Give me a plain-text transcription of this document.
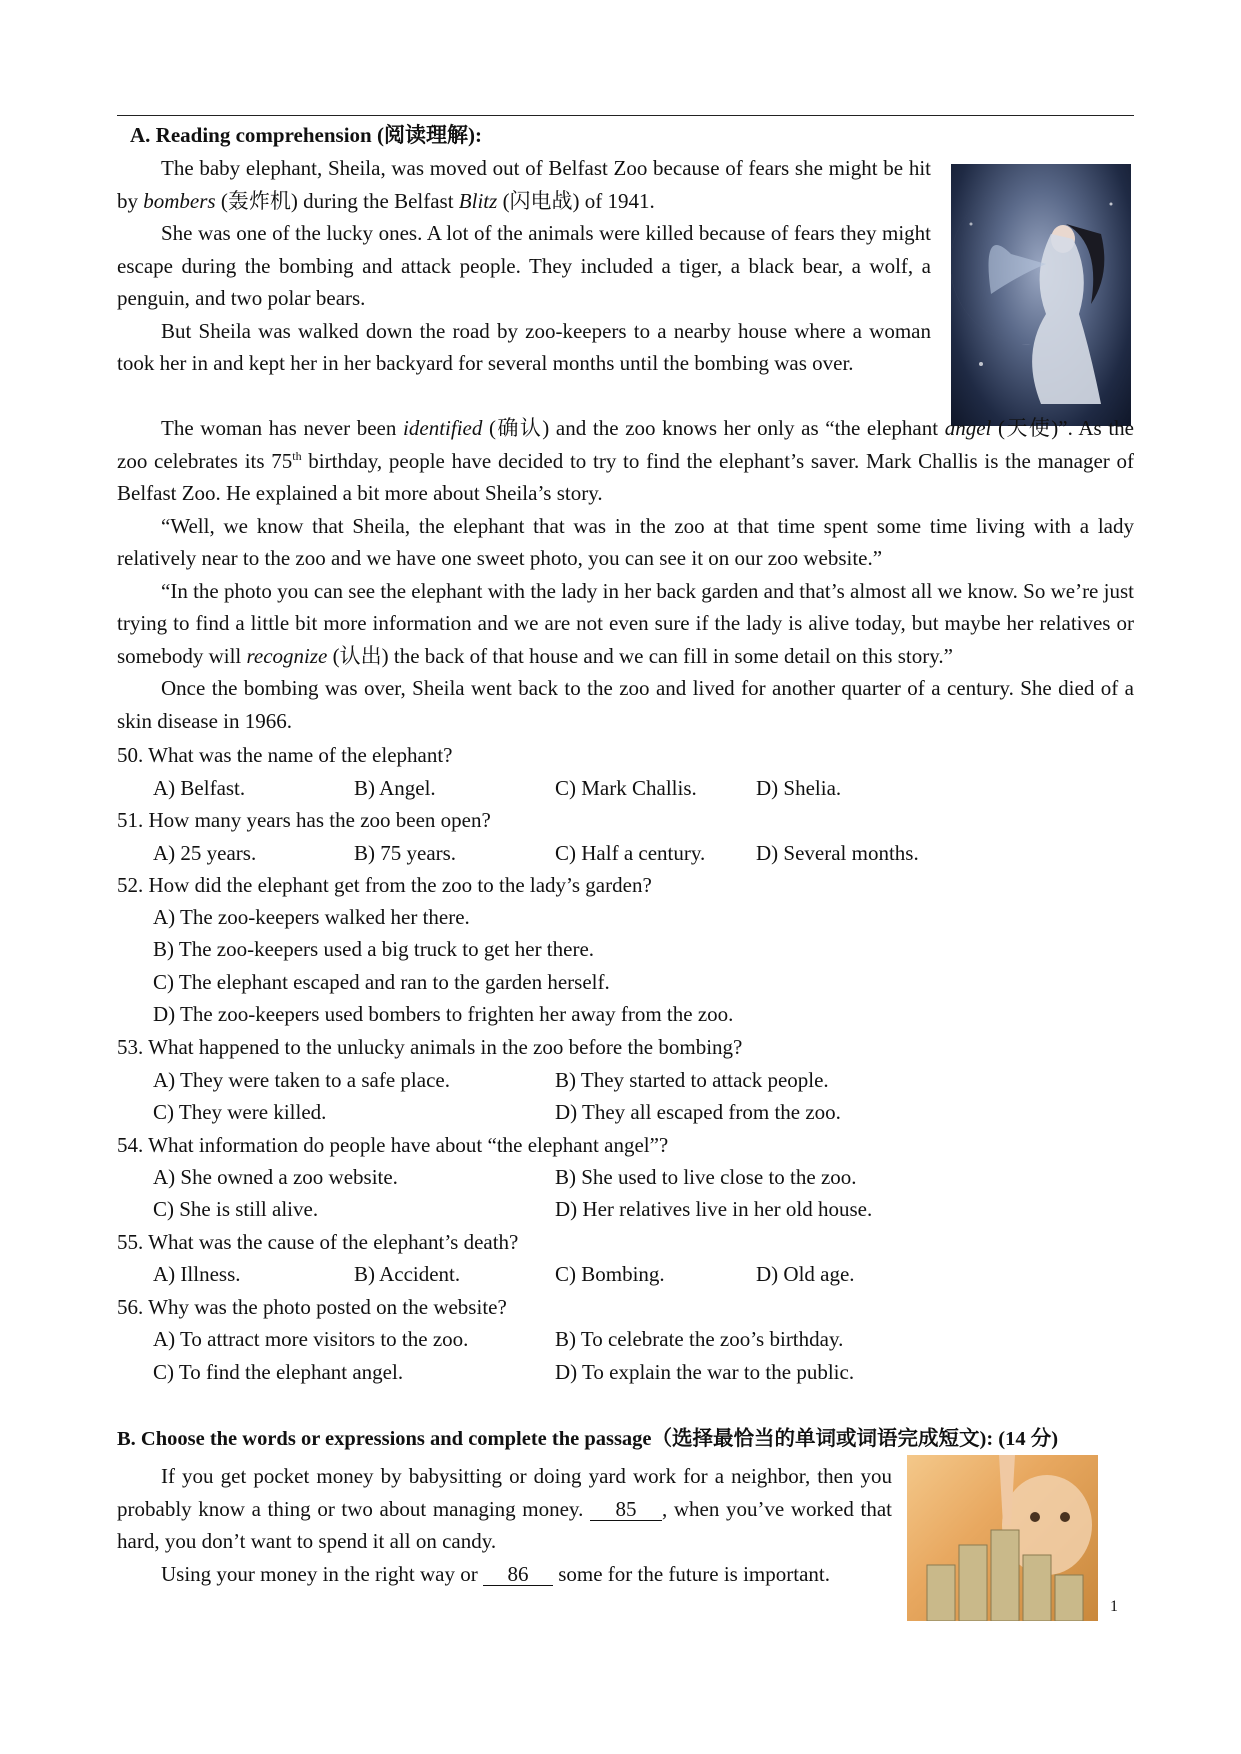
A. Reading comprehension (阅读理解):
The baby elephant, Sheila, was moved out of Belfast Zoo because of fears she might be hit by bombers (轰炸机) during the Belfast Blitz (闪电战) of 1941.
She was one of the lucky ones. A lot of the animals were killed because of fears they might escape during the bombing and attack people. They included a tiger, a black bear, a wolf, a penguin, and two polar bears.
But Sheila was walked down the road by zoo-keepers to a nearby house where a woman took her in and kept her in her backyard for several months until the bombing was over.
The woman has never been identified (确认) and the zoo knows her only as “the elephant angel (天使)”. As the zoo celebrates its 75th birthday, people have decided to try to find the elephant’s saver. Mark Challis is the manager of Belfast Zoo. He explained a bit more about Sheila’s story.
“Well, we know that Sheila, the elephant that was in the zoo at that time spent some time living with a lady relatively near to the zoo and we have one sweet photo, you can see it on our zoo website.”
“In the photo you can see the elephant with the lady in her back garden and that’s almost all we know. So we’re just trying to find a little bit more information and we are not even sure if the lady is alive today, but maybe her relatives or somebody will recognize (认出) the back of that house and we can fill in some detail on this story.”
Once the bombing was over, Sheila went back to the zoo and lived for another quarter of a century. She died of a skin disease in 1966.
50. What was the name of the elephant?
A) Belfast.	B) Angel.	C) Mark Challis.	D) Shelia.
51. How many years has the zoo been open?
A) 25 years.	B) 75 years.	C) Half a century. D) Several months.
52. How did the elephant get from the zoo to the lady’s garden?
A) The zoo-keepers walked her there.
B) The zoo-keepers used a big truck to get her there.
C) The elephant escaped and ran to the garden herself.
D) The zoo-keepers used bombers to frighten her away from the zoo.
53. What happened to the unlucky animals in the zoo before the bombing?
A) They were taken to a safe place.	B) They started to attack people.
C) They were killed.	D) They all escaped from the zoo.
54. What information do people have about “the elephant angel”?
A) She owned a zoo website.	B) She used to live close to the zoo.
C) She is still alive.	D) Her relatives live in her old house.
55. What was the cause of the elephant’s death?
A) Illness.	B) Accident.	C) Bombing.	D) Old age.
56. Why was the photo posted on the website?
A) To attract more visitors to the zoo.	B) To celebrate the zoo’s birthday.
C) To find the elephant angel.	D) To explain the war to the public.
B. Choose the words or expressions and complete the passage（选择最恰当的单词或词语完成短文): (14 分)
If you get pocket money by babysitting or doing yard work for a neighbor, then you probably know a thing or two about managing money. 85 , when you’ve worked that hard, you don’t want to spend it all on candy.
Using your money in the right way or 86 some for the future is important.
1
